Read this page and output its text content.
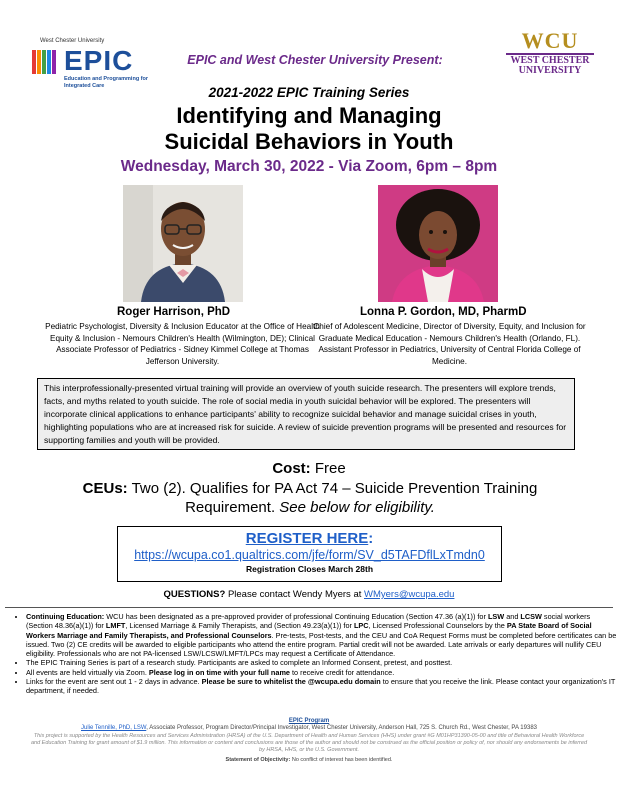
West Chester University
EPIC
Education and Programming for Integrated Care
WCU
WEST CHESTER
UNIVERSITY
EPIC and West Chester University Present:
2021-2022 EPIC Training Series
Identifying and Managing
Suicidal Behaviors in Youth
Wednesday, March 30, 2022 - Via Zoom, 6pm – 8pm
Roger Harrison, PhD	Lonna P. Gordon, MD, PharmD
Pediatric Psychologist, Diversity & Inclusion Educator at the Office of Health Equity & Inclusion - Nemours Children's Health (Wilmington, DE); Clinical Associate Professor of Pediatrics - Sidney Kimmel College at Thomas Jefferson University.
Chief of Adolescent Medicine, Director of Diversity, Equity, and Inclusion for Graduate Medical Education - Nemours Children's Health (Orlando, FL). Assistant Professor in Pediatrics, University of Central Florida College of Medicine.
This interprofessionally-presented virtual training will provide an overview of youth suicide research. The presenters will explore trends, facts, and myths related to youth suicide. The role of social media in youth suicidal behavior will be explored. The presenters will incorporate clinical applications to enhance participants' ability to recognize suicidal behavior and manage suicidal crises in youth, highlighting populations who are at increased risk for suicide. A review of suicide prevention programs will be presented and resources for supporting families and youth will be provided.
Cost: Free
CEUs: Two (2). Qualifies for PA Act 74 – Suicide Prevention Training Requirement. See below for eligibility.
REGISTER HERE:
https://wcupa.co1.qualtrics.com/jfe/form/SV_d5TAFDflLxTmdn0
Registration Closes March 28th
QUESTIONS? Please contact Wendy Myers at WMyers@wcupa.edu
• Continuing Education: WCU has been designated as a pre-approved provider of professional Continuing Education (Section 47.36 (a)(1)) for LSW and LCSW social workers (Section 48.36(a)(1)) for LMFT, Licensed Marriage & Family Therapists, and (Section 49.23(a)(1)) for LPC, Licensed Professional Counselors by the PA State Board of Social Workers Marriage and Family Therapists, and Professional Counselors. Pre-tests, Post-tests, and the CEU and CoA Request Forms must be completed before certificates can be issued. Two (2) CE credits will be awarded to eligible participants who attend the entire program. Partial credit will not be awarded. Late arrivals or early departures will nullify CEU eligibility. Professionals who are not PA-licensed LSW/LCSW/LMFT/LPCs may request a Certificate of Attendance.
• The EPIC Training Series is part of a research study. Participants are asked to complete an Informed Consent, pretest, and posttest.
• All events are held virtually via Zoom. Please log in on time with your full name to receive credit for attendance.
• Links for the event are sent out 1 - 2 days in advance. Please be sure to whitelist the @wcupa.edu domain to ensure that you receive the link. Please contact your organization's IT department, if needed.
EPIC Program
Julie Tennille, PhD, LSW, Associate Professor, Program Director/Principal Investigator, West Chester University, Anderson Hall, 725 S. Church Rd., West Chester, PA 19383
This project is supported by the Health Resources and Services Administration (HRSA) of the U.S. Department of Health and Human Services (HHS) under grant #G M01HP31390-05-00 and title of Behavioral Health Workforce and Education Training for grant amount of $1.9 million. This information or content and conclusions are those of the author and should not be construed as the official position or policy of, nor should any endorsements be inferred by HRSA, HHS, or the U.S. Government.
Statement of Objectivity: No conflict of interest has been identified.
